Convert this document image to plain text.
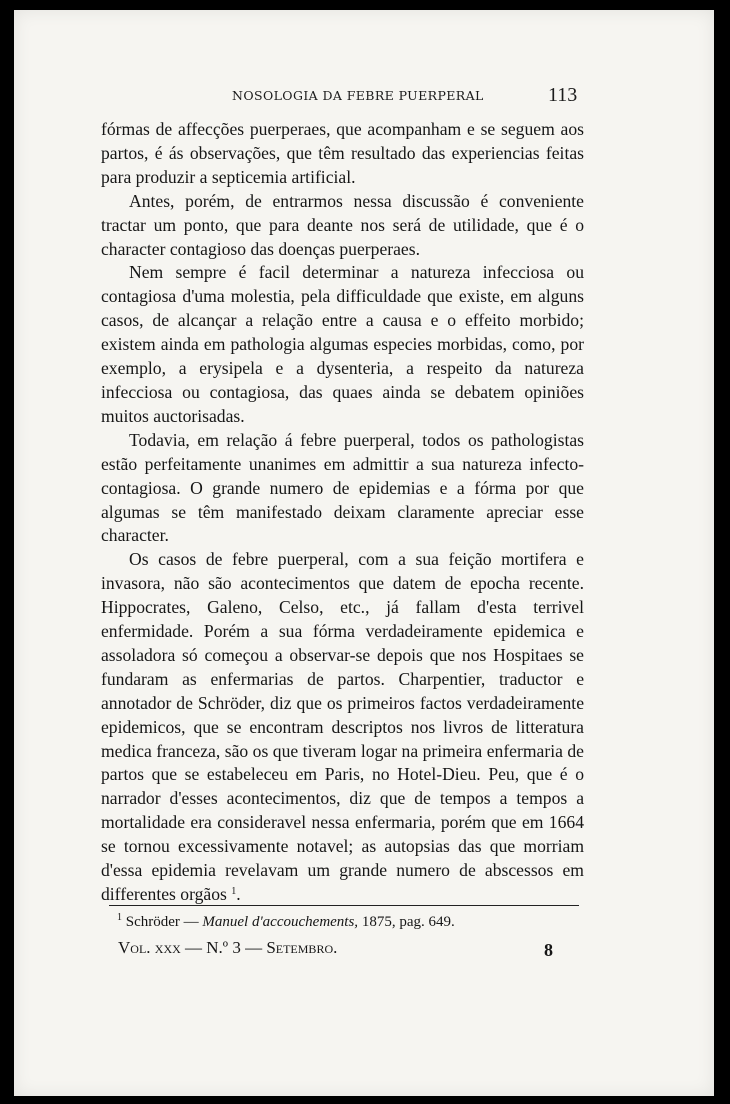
NOSOLOGIA DA FEBRE PUERPERAL	113

fórmas de affecções puerperaes, que acompanham e se seguem aos partos, é ás observações, que têm resultado das experiencias feitas para produzir a septicemia artificial.

Antes, porém, de entrarmos nessa discussão é conveniente tractar um ponto, que para deante nos será de utilidade, que é o character contagioso das doenças puerperaes.

Nem sempre é facil determinar a natureza infecciosa ou contagiosa d'uma molestia, pela difficuldade que existe, em alguns casos, de alcançar a relação entre a causa e o effeito morbido; existem ainda em pathologia algumas especies morbidas, como, por exemplo, a erysipela e a dysenteria, a respeito da natureza infecciosa ou contagiosa, das quaes ainda se debatem opiniões muitos auctorisadas.

Todavia, em relação á febre puerperal, todos os pathologistas estão perfeitamente unanimes em admittir a sua natureza infecto-contagiosa. O grande numero de epidemias e a fórma por que algumas se têm manifestado deixam claramente apreciar esse character.

Os casos de febre puerperal, com a sua feição mortifera e invasora, não são acontecimentos que datem de epocha recente. Hippocrates, Galeno, Celso, etc., já fallam d'esta terrivel enfermidade. Porém a sua fórma verdadeiramente epidemica e assoladora só começou a observar-se depois que nos Hospitaes se fundaram as enfermarias de partos. Charpentier, traductor e annotador de Schröder, diz que os primeiros factos verdadeiramente epidemicos, que se encontram descriptos nos livros de litteratura medica franceza, são os que tiveram logar na primeira enfermaria de partos que se estabeleceu em Paris, no Hotel-Dieu. Peu, que é o narrador d'esses acontecimentos, diz que de tempos a tempos a mortalidade era consideravel nessa enfermaria, porém que em 1664 se tornou excessivamente notavel; as autopsias das que morriam d'essa epidemia revelavam um grande numero de abscessos em differentes orgãos $^1$.

$^1$ Schröder — Manuel d'accouchements, 1875, pag. 649.
Vol. xxx — N.º 3 — Setembro.	8
